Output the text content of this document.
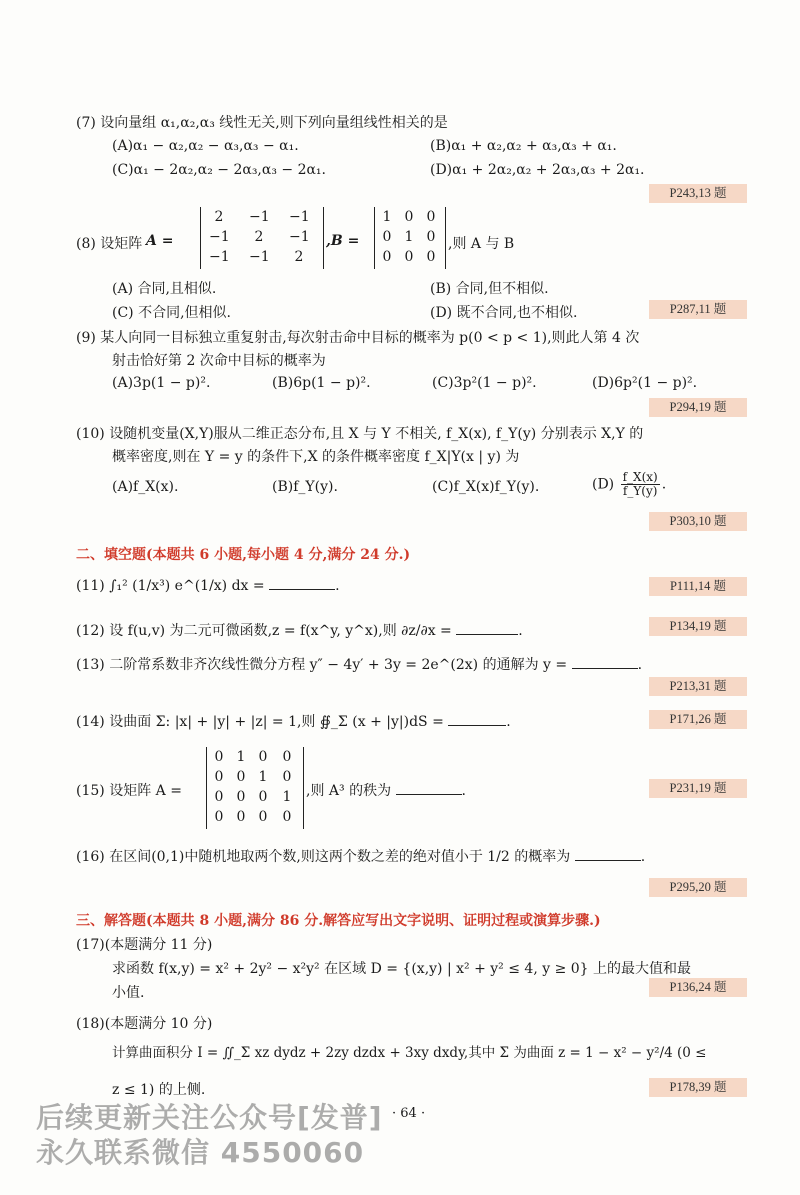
(7) 设向量组 α₁,α₂,α₃ 线性无关,则下列向量组线性相关的是
(A)α₁ − α₂,α₂ − α₃,α₃ − α₁.	(B)α₁ + α₂,α₂ + α₃,α₃ + α₁.
(C)α₁ − 2α₂,α₂ − 2α₃,α₃ − 2α₁.	(D)α₁ + 2α₂,α₂ + 2α₃,α₃ + 2α₁.
P243,13 题
(8) 设矩阵 A =
2	−1 −1
−1	2	−1
−1 −1	2
,B =
1 0 0
0 1 0
0 0 0
,则 A 与 B
(A) 合同,且相似.	(B) 合同,但不相似.
(C) 不合同,但相似.	(D) 既不合同,也不相似.	P287,11 题
(9) 某人向同一目标独立重复射击,每次射击命中目标的概率为 p(0 < p < 1),则此人第 4 次
射击恰好第 2 次命中目标的概率为
(A)3p(1 − p)².	(B)6p(1 − p)².	(C)3p²(1 − p)².	(D)6p²(1 − p)².
P294,19 题
(10) 设随机变量(X,Y)服从二维正态分布,且 X 与 Y 不相关, f_X(x), f_Y(y) 分别表示 X,Y 的
概率密度,则在 Y = y 的条件下,X 的条件概率密度 f_X|Y(x | y) 为
(A)f_X(x).	(B)f_Y(y).	(C)f_X(x)f_Y(y).	$(D) \frac{f\_X(x)}{f\_Y(y)}$ .
P303,10 题
二、填空题(本题共 6 小题,每小题 4 分,满分 24 分.)
(11) ∫₁² (1/x³) e^(1/x) dx =	.	P111,14 题
(12) 设 f(u,v) 为二元可微函数,z = f(x^y, y^x),则 ∂z/∂x =	.	P134,19 题
(13) 二阶常系数非齐次线性微分方程 y″ − 4y′ + 3y = 2e^(2x) 的通解为 y =	.
P213,31 题
(14) 设曲面 Σ: |x| + |y| + |z| = 1,则 ∯_Σ (x + |y|)dS =	.	P171,26 题
(15) 设矩阵 A =
0 1 0	0
0 0 1	0
0 0 0	1
0 0 0	0
,则 A³ 的秩为	.	P231,19 题
(16) 在区间(0,1)中随机地取两个数,则这两个数之差的绝对值小于 1/2 的概率为	.
P295,20 题
三、解答题(本题共 8 小题,满分 86 分.解答应写出文字说明、证明过程或演算步骤.)
(17)(本题满分 11 分)
求函数 f(x,y) = x² + 2y² − x²y² 在区域 D = {(x,y) | x² + y² ≤ 4, y ≥ 0} 上的最大值和最
小值.	P136,24 题
(18)(本题满分 10 分)
计算曲面积分 I = ∬_Σ xz dydz + 2zy dzdx + 3xy dxdy,其中 Σ 为曲面 z = 1 − x² − y²/4 (0 ≤
z ≤ 1) 的上侧.	P178,39 题
· 64 ·
后续更新关注公众号[发普]
永久联系微信 4550060
